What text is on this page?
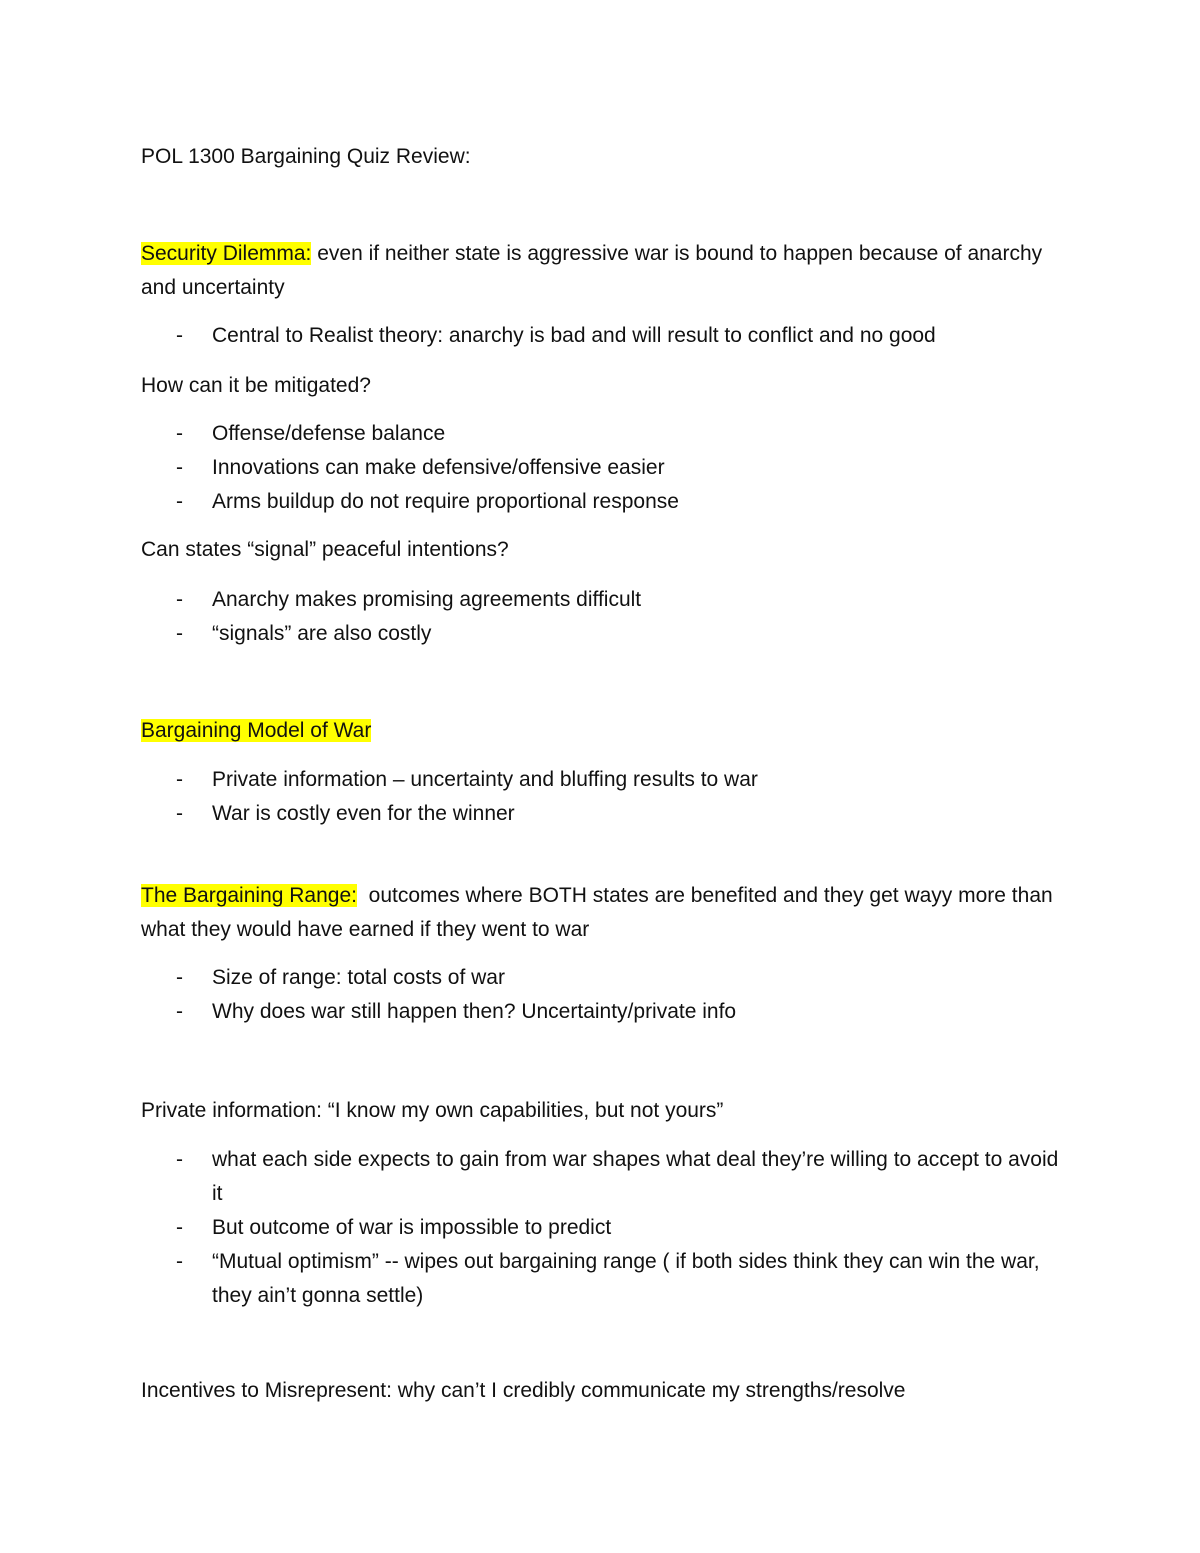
POL 1300 Bargaining Quiz Review:

Security Dilemma: even if neither state is aggressive war is bound to happen because of anarchy and uncertainty

- Central to Realist theory: anarchy is bad and will result to conflict and no good

How can it be mitigated?

- Offense/defense balance
- Innovations can make defensive/offensive easier
- Arms buildup do not require proportional response

Can states “signal” peaceful intentions?

- Anarchy makes promising agreements difficult
- “signals” are also costly

Bargaining Model of War

- Private information – uncertainty and bluffing results to war
- War is costly even for the winner

The Bargaining Range:  outcomes where BOTH states are benefited and they get wayy more than what they would have earned if they went to war

- Size of range: total costs of war
- Why does war still happen then? Uncertainty/private info

Private information: “I know my own capabilities, but not yours”

- what each side expects to gain from war shapes what deal they’re willing to accept to avoid it
- But outcome of war is impossible to predict
- “Mutual optimism” -- wipes out bargaining range ( if both sides think they can win the war, they ain’t gonna settle)

Incentives to Misrepresent: why can’t I credibly communicate my strengths/resolve
